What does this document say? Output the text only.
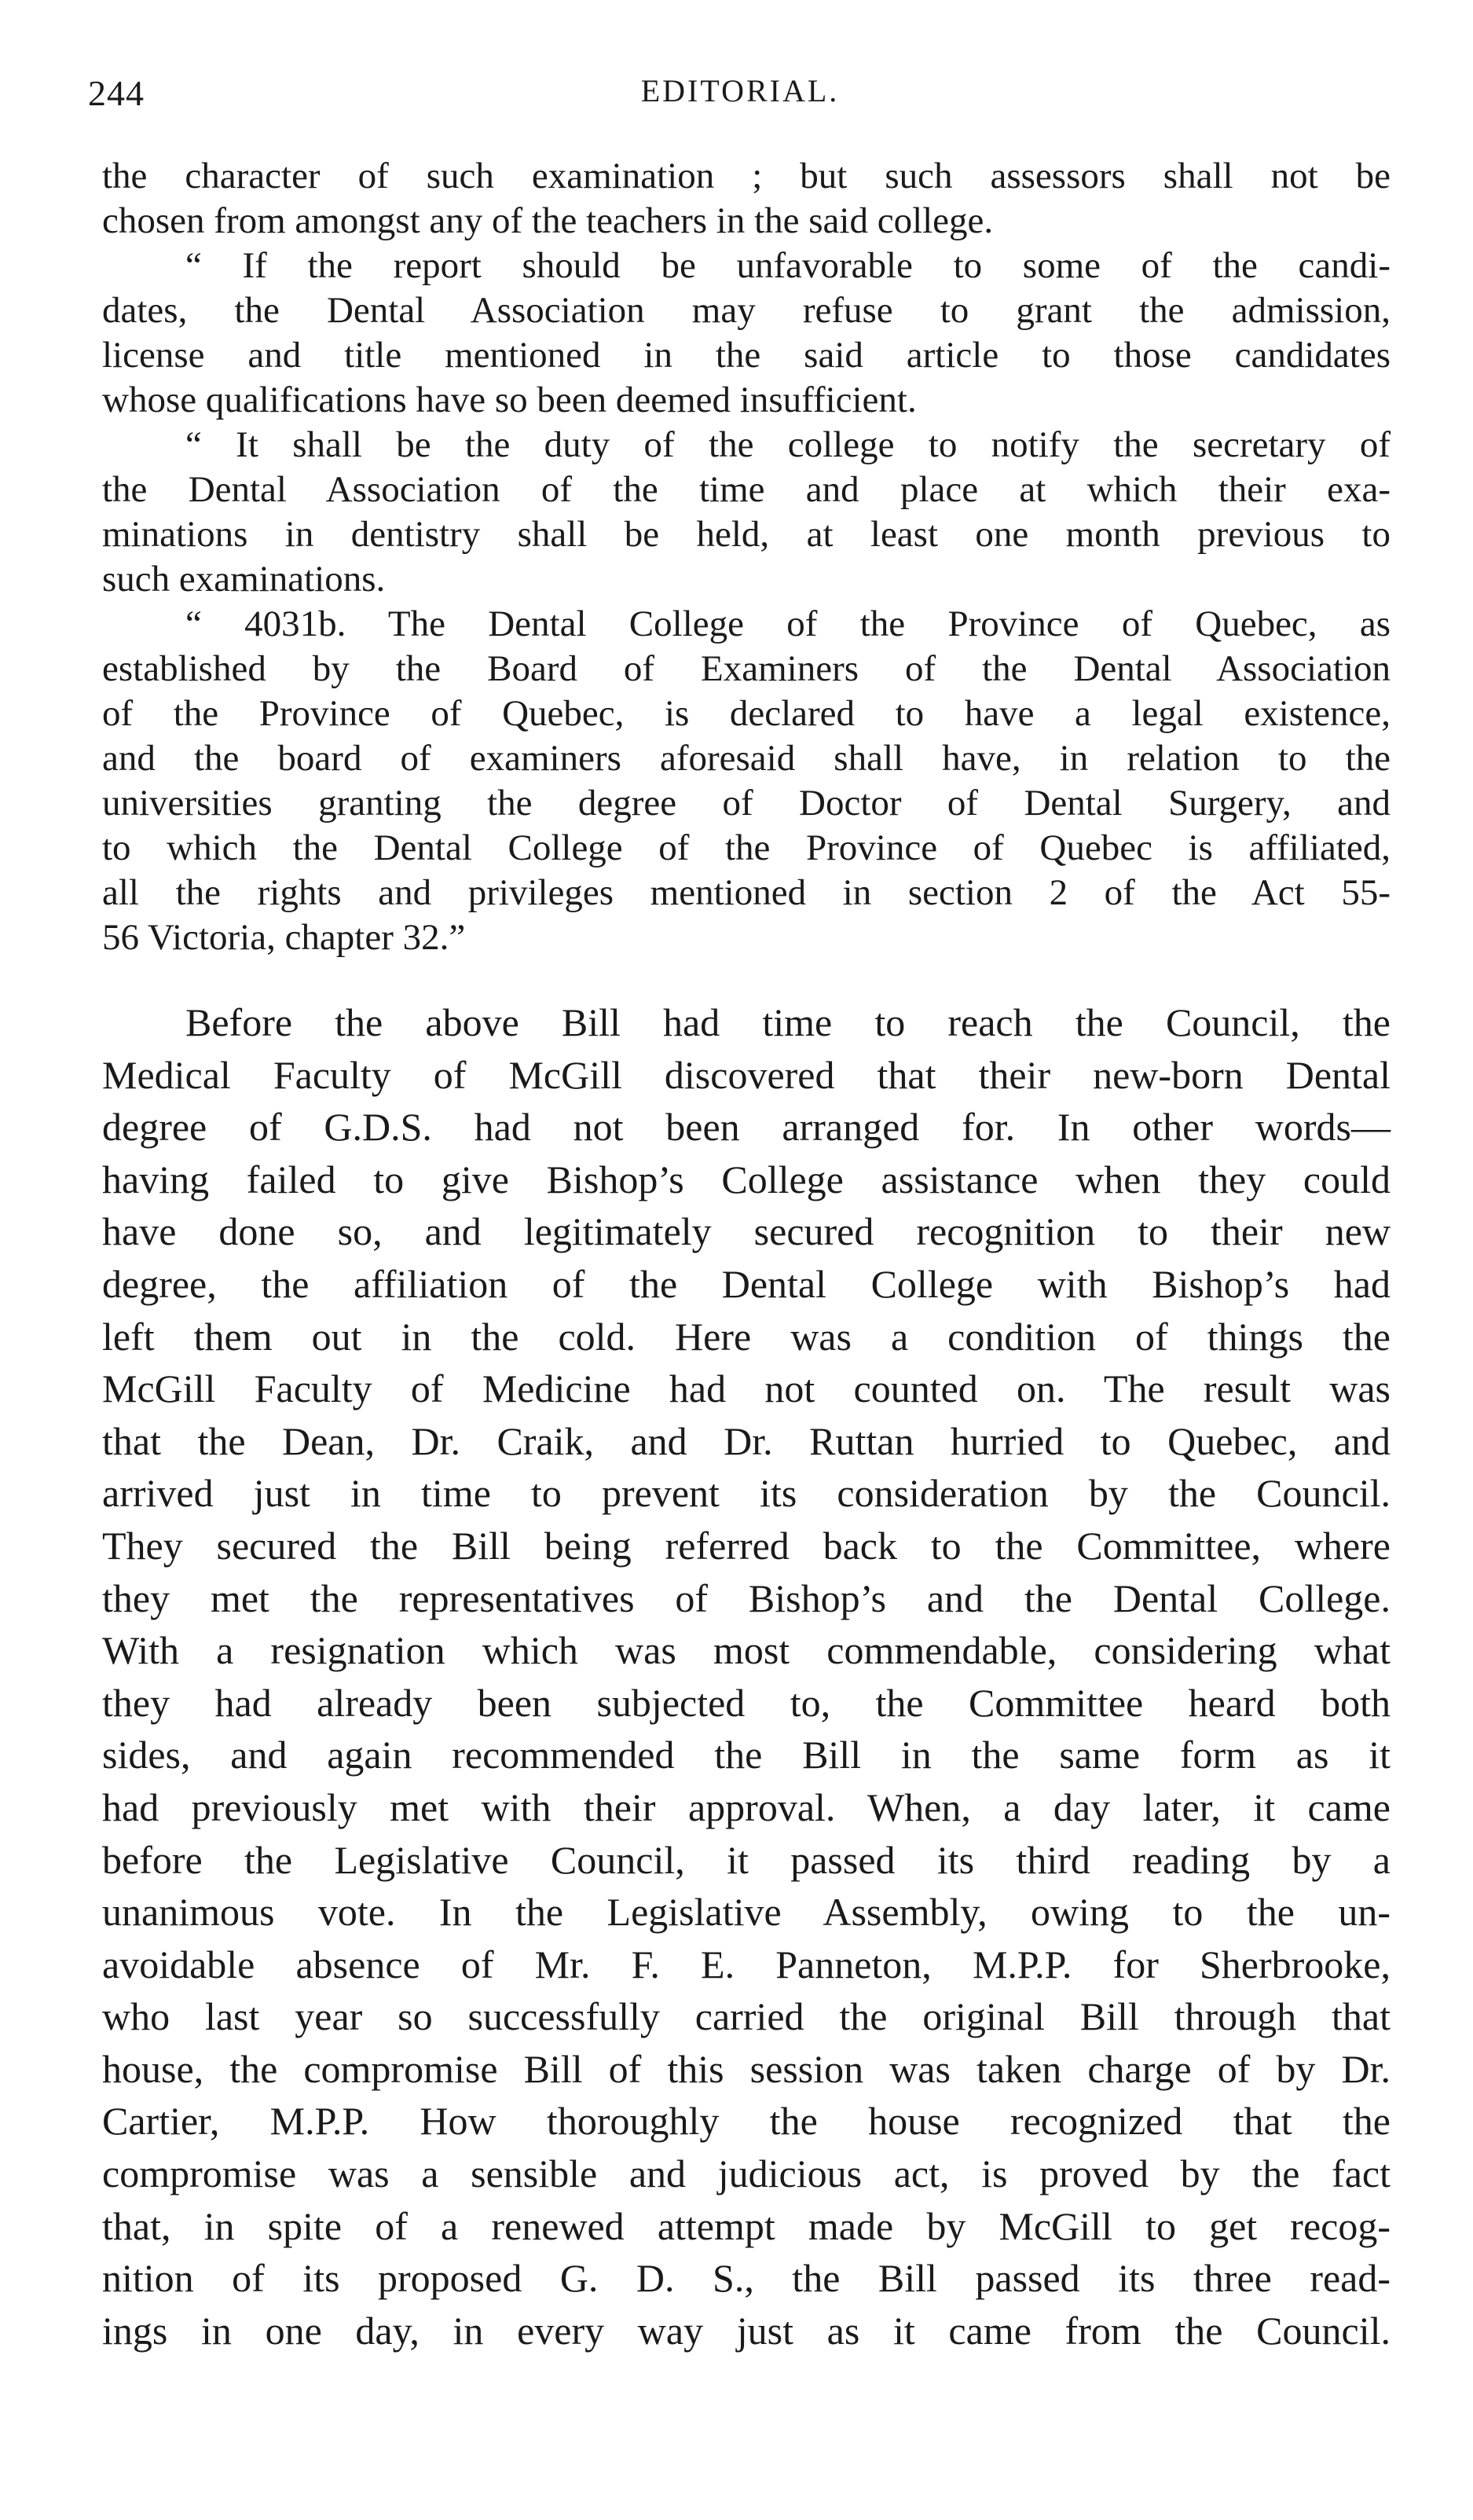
244	EDITORIAL.
the character of such examination ; but such assessors shall not be
chosen from amongst any of the teachers in the said college.
“ If the report should be unfavorable to some of the candi-
dates, the Dental Association may refuse to grant the admission,
license and title mentioned in the said article to those candidates
whose qualifications have so been deemed insufficient.
“ It shall be the duty of the college to notify the secretary of
the Dental Association of the time and place at which their exa-
minations in dentistry shall be held, at least one month previous to
such examinations.
“ 4031b. The Dental College of the Province of Quebec, as
established by the Board of Examiners of the Dental Association
of the Province of Quebec, is declared to have a legal existence,
and the board of examiners aforesaid shall have, in relation to the
universities granting the degree of Doctor of Dental Surgery, and
to which the Dental College of the Province of Quebec is affiliated,
all the rights and privileges mentioned in section 2 of the Act 55-
56 Victoria, chapter 32.”
Before the above Bill had time to reach the Council, the
Medical Faculty of McGill discovered that their new-born Dental
degree of G.D.S. had not been arranged for. In other words—
having failed to give Bishop’s College assistance when they could
have done so, and legitimately secured recognition to their new
degree, the affiliation of the Dental College with Bishop’s had
left them out in the cold. Here was a condition of things the
McGill Faculty of Medicine had not counted on. The result was
that the Dean, Dr. Craik, and Dr. Ruttan hurried to Quebec, and
arrived just in time to prevent its consideration by the Council.
They secured the Bill being referred back to the Committee, where
they met the representatives of Bishop’s and the Dental College.
With a resignation which was most commendable, considering what
they had already been subjected to, the Committee heard both
sides, and again recommended the Bill in the same form as it
had previously met with their approval. When, a day later, it came
before the Legislative Council, it passed its third reading by a
unanimous vote. In the Legislative Assembly, owing to the un-
avoidable absence of Mr. F. E. Panneton, M.P.P. for Sherbrooke,
who last year so successfully carried the original Bill through that
house, the compromise Bill of this session was taken charge of by Dr.
Cartier, M.P.P. How thoroughly the house recognized that the
compromise was a sensible and judicious act, is proved by the fact
that, in spite of a renewed attempt made by McGill to get recog-
nition of its proposed G. D. S., the Bill passed its three read-
ings in one day, in every way just as it came from the Council.
